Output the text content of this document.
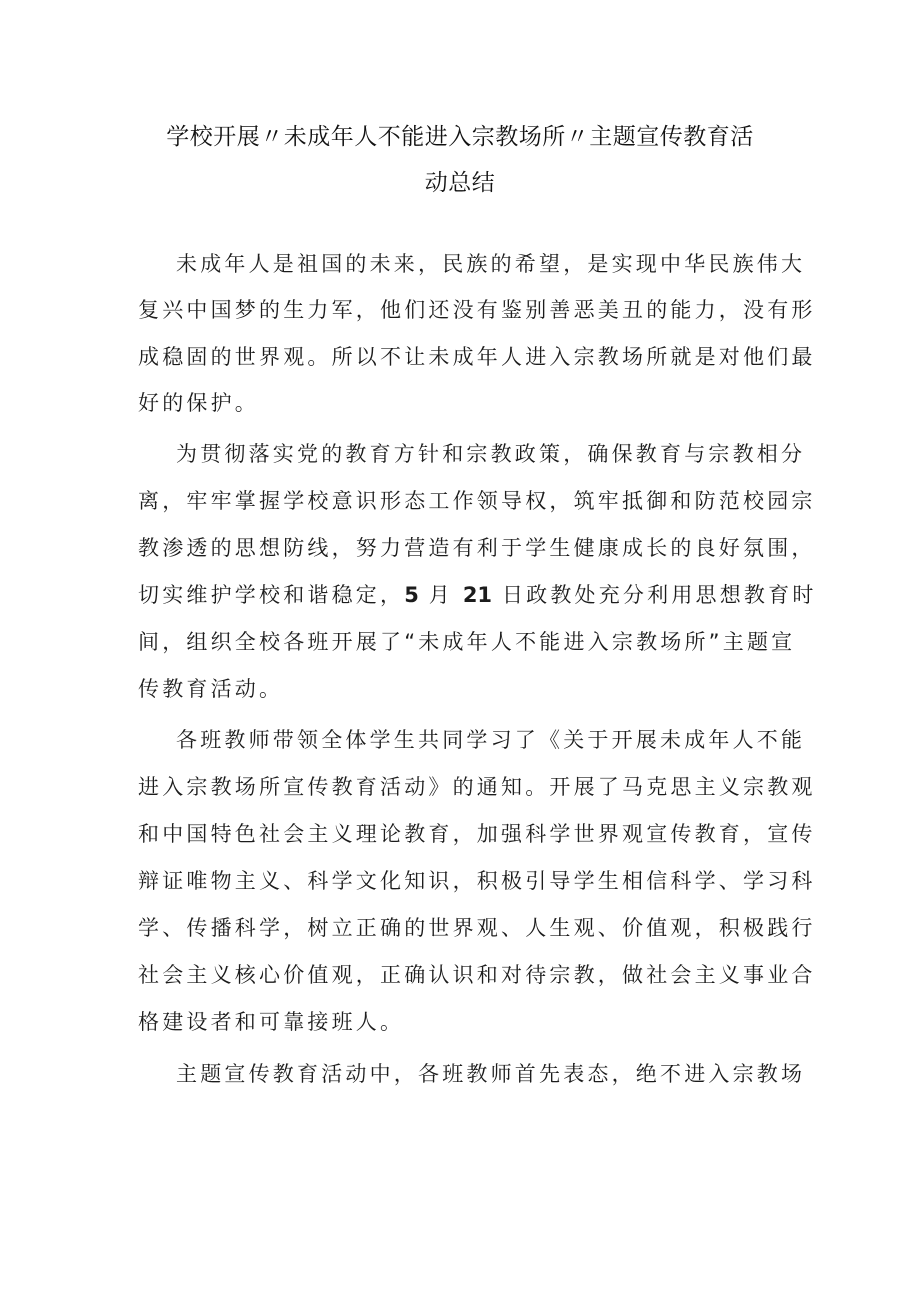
学校开展〃未成年人不能进入宗教场所〃主题宣传教育活
动总结
未成年人是祖国的未来，民族的希望，是实现中华民族伟大
复兴中国梦的生力军，他们还没有鉴别善恶美丑的能力，没有形
成稳固的世界观。所以不让未成年人进入宗教场所就是对他们最
好的保护。
为贯彻落实党的教育方针和宗教政策，确保教育与宗教相分
离，牢牢掌握学校意识形态工作领导权，筑牢抵御和防范校园宗
教渗透的思想防线，努力营造有利于学生健康成长的良好氛围，
切实维护学校和谐稳定，5 月 21 日政教处充分利用思想教育时
间，组织全校各班开展了“未成年人不能进入宗教场所”主题宣
传教育活动。
各班教师带领全体学生共同学习了《关于开展未成年人不能
进入宗教场所宣传教育活动》的通知。开展了马克思主义宗教观
和中国特色社会主义理论教育，加强科学世界观宣传教育，宣传
辩证唯物主义、科学文化知识，积极引导学生相信科学、学习科
学、传播科学，树立正确的世界观、人生观、价值观，积极践行
社会主义核心价值观，正确认识和对待宗教，做社会主义事业合
格建设者和可靠接班人。
主题宣传教育活动中，各班教师首先表态，绝不进入宗教场
